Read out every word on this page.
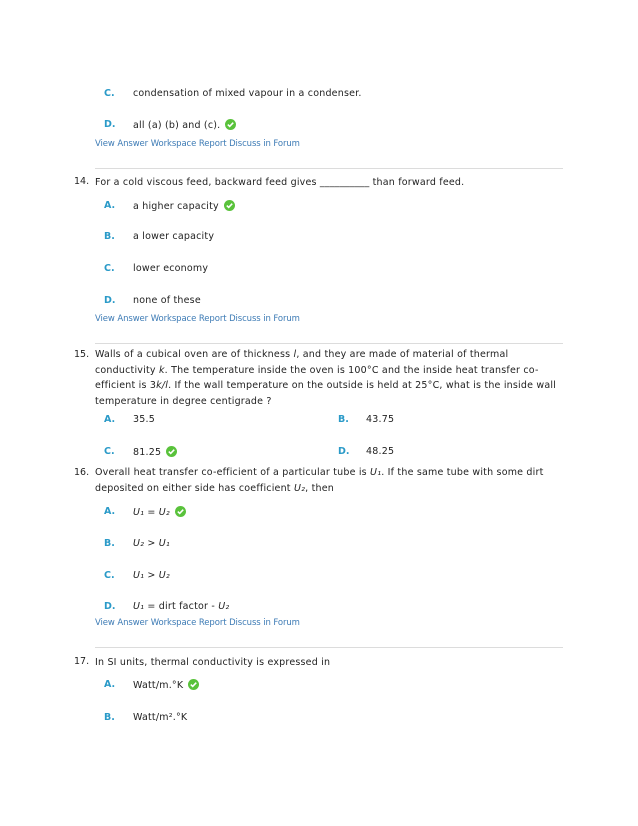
C. condensation of mixed vapour in a condenser.
D. all (a) (b) and (c).
View Answer Workspace Report Discuss in Forum
14. For a cold viscous feed, backward feed gives __________ than forward feed.
A. a higher capacity
B. a lower capacity
C. lower economy
D. none of these
View Answer Workspace Report Discuss in Forum
15. Walls of a cubical oven are of thickness l, and they are made of material of thermal conductivity k. The temperature inside the oven is 100°C and the inside heat transfer co-efficient is 3k/l. If the wall temperature on the outside is held at 25°C, what is the inside wall temperature in degree centigrade ?
A. 35.5	B. 43.75
C. 81.25	D. 48.25
16. Overall heat transfer co-efficient of a particular tube is U₁. If the same tube with some dirt deposited on either side has coefficient U₂, then
A. U₁ = U₂
B. U₂ > U₁
C. U₁ > U₂
D. U₁ = dirt factor - U₂
View Answer Workspace Report Discuss in Forum
17. In SI units, thermal conductivity is expressed in
A. Watt/m.°K
B. Watt/m².°K
